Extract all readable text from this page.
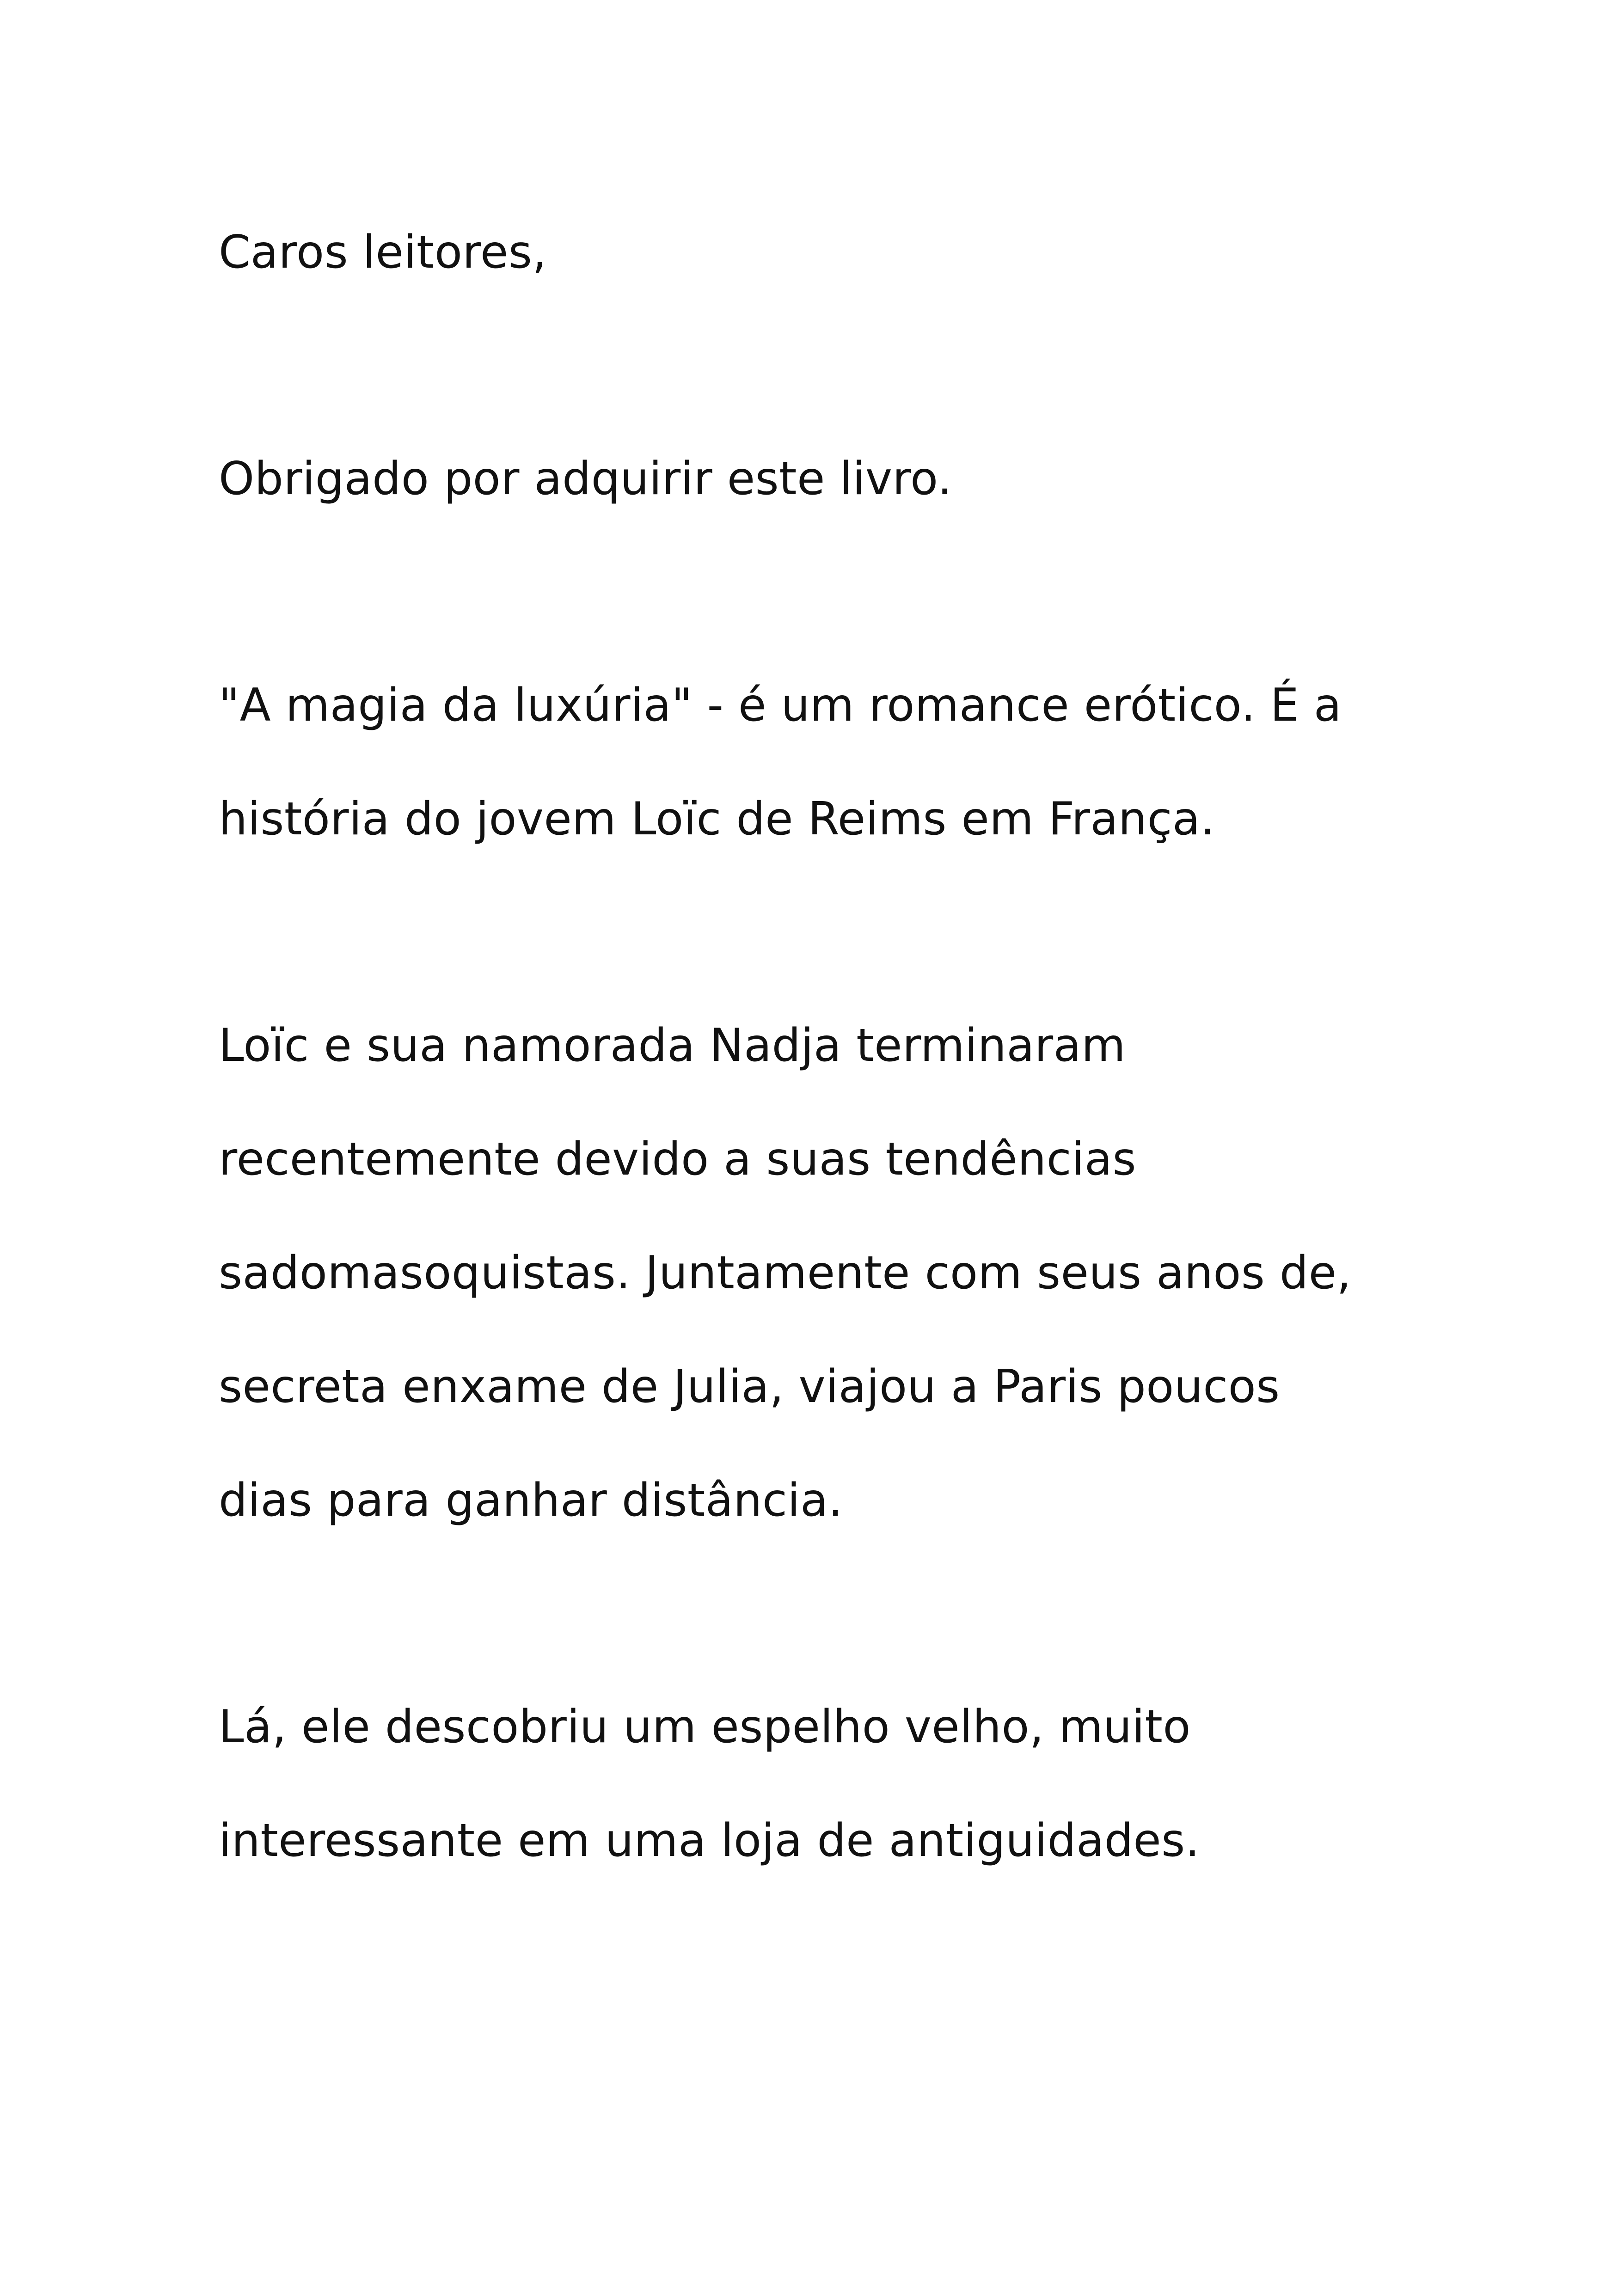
Caros leitores,

Obrigado por adquirir este livro.

"A magia da luxúria" - é um romance erótico. É a

história do jovem Loïc de Reims em França.

Loïc e sua namorada Nadja terminaram

recentemente devido a suas tendências

sadomasoquistas. Juntamente com seus anos de,

secreta enxame de Julia, viajou a Paris poucos

dias para ganhar distância.

Lá, ele descobriu um espelho velho, muito

interessante em uma loja de antiguidades.
